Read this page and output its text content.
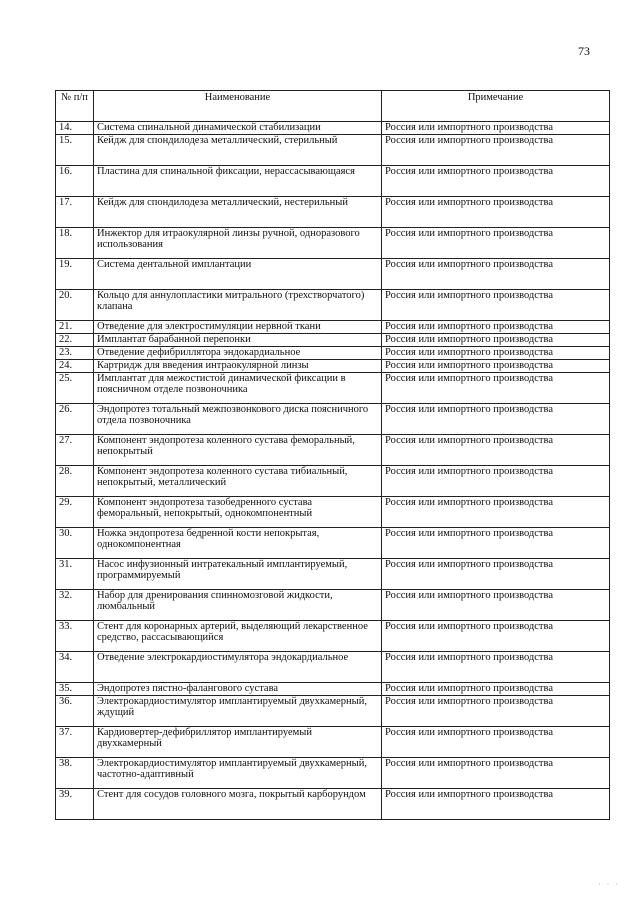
73
№ п/п	Наименование	Примечание
14.	Система спинальной динамической стабилизации	Россия или импортного производства
15.	Кейдж для спондилодеза металлический, стерильный	Россия или импортного производства
16.	Пластина для спинальной фиксации, нерассасывающаяся	Россия или импортного производства
17.	Кейдж для спондилодеза металлический, нестерильный	Россия или импортного производства
18.	Инжектор для итраокулярной линзы ручной, одноразового использования	Россия или импортного производства
19.	Система дентальной имплантации	Россия или импортного производства
20.	Кольцо для аннулопластики митрального (трехстворчатого) клапана	Россия или импортного производства
21.	Отведение для электростимуляции нервной ткани	Россия или импортного производства
22.	Имплантат барабанной перепонки	Россия или импортного производства
23.	Отведение дефибриллятора эндокардиальное	Россия или импортного производства
24.	Картридж для введения интраокулярной линзы	Россия или импортного производства
25.	Имплантат для межостистой динамической фиксации в поясничном отделе позвоночника	Россия или импортного производства
26.	Эндопротез тотальный межпозвонкового диска поясничного отдела позвоночника	Россия или импортного производства
27.	Компонент эндопротеза коленного сустава феморальный, непокрытый	Россия или импортного производства
28.	Компонент эндопротеза коленного сустава тибиальный, непокрытый, металлический	Россия или импортного производства
29.	Компонент эндопротеза тазобедренного сустава феморальный, непокрытый, однокомпонентный	Россия или импортного производства
30.	Ножка эндопротеза бедренной кости непокрытая, однокомпонентная	Россия или импортного производства
31.	Насос инфузионный интратекальный имплантируемый, программируемый	Россия или импортного производства
32.	Набор для дренирования спинномозговой жидкости, люмбальный	Россия или импортного производства
33.	Стент для коронарных артерий, выделяющий лекарственное средство, рассасывающийся	Россия или импортного производства
34.	Отведение электрокардиостимулятора эндокардиальное	Россия или импортного производства
35.	Эндопротез пястно-фалангового сустава	Россия или импортного производства
36.	Электрокардиостимулятор имплантируемый двухкамерный, ждущий	Россия или импортного производства
37.	Кардиовертер-дефибриллятор имплантируемый двухкамерный	Россия или импортного производства
38.	Электрокардиостимулятор имплантируемый двухкамерный, частотно-адаптивный	Россия или импортного производства
39.	Стент для сосудов головного мозга, покрытый карборундом	Россия или импортного производства
· · ·
